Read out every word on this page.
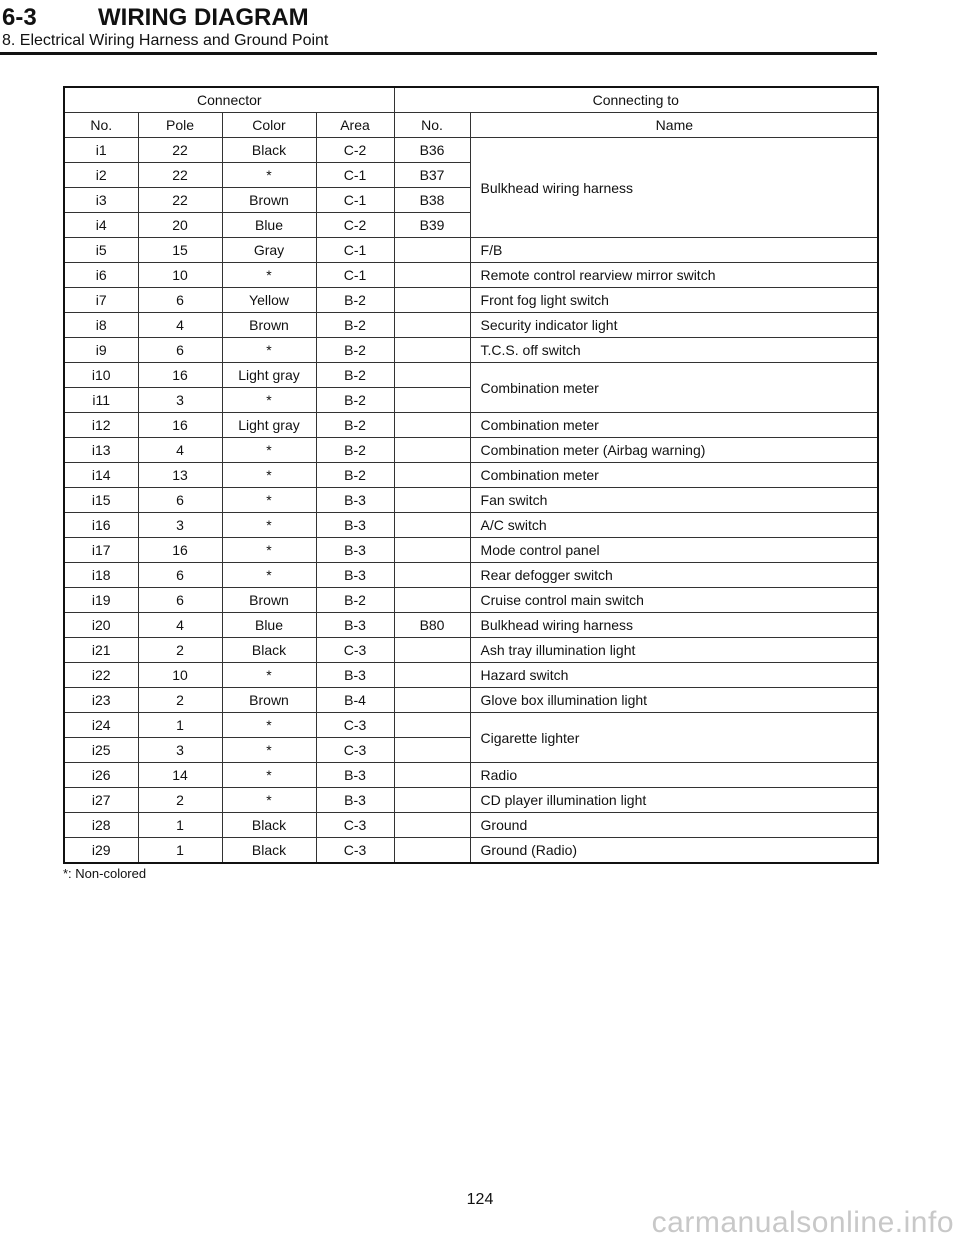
6-3	WIRING DIAGRAM
8. Electrical Wiring Harness and Ground Point
Connector				Connecting to	
No.	Pole	Color	Area	No.	Name
i1	22	Black	C-2	B36	Bulkhead wiring harness
i2	22	*	C-1	B37	
i3	22	Brown	C-1	B38	
i4	20	Blue	C-2	B39	
i5	15	Gray	C-1		F/B
i6	10	*	C-1		Remote control rearview mirror switch
i7	6	Yellow	B-2		Front fog light switch
i8	4	Brown	B-2		Security indicator light
i9	6	*	B-2		T.C.S. off switch
i10	16	Light gray	B-2		Combination meter
i11	3	*	B-2		
i12	16	Light gray	B-2		Combination meter
i13	4	*	B-2		Combination meter (Airbag warning)
i14	13	*	B-2		Combination meter
i15	6	*	B-3		Fan switch
i16	3	*	B-3		A/C switch
i17	16	*	B-3		Mode control panel
i18	6	*	B-3		Rear defogger switch
i19	6	Brown	B-2		Cruise control main switch
i20	4	Blue	B-3	B80	Bulkhead wiring harness
i21	2	Black	C-3		Ash tray illumination light
i22	10	*	B-3		Hazard switch
i23	2	Brown	B-4		Glove box illumination light
i24	1	*	C-3		Cigarette lighter
i25	3	*	C-3		
i26	14	*	B-3		Radio
i27	2	*	B-3		CD player illumination light
i28	1	Black	C-3		Ground
i29	1	Black	C-3		Ground (Radio)
*: Non-colored
124
carmanualsonline.info
